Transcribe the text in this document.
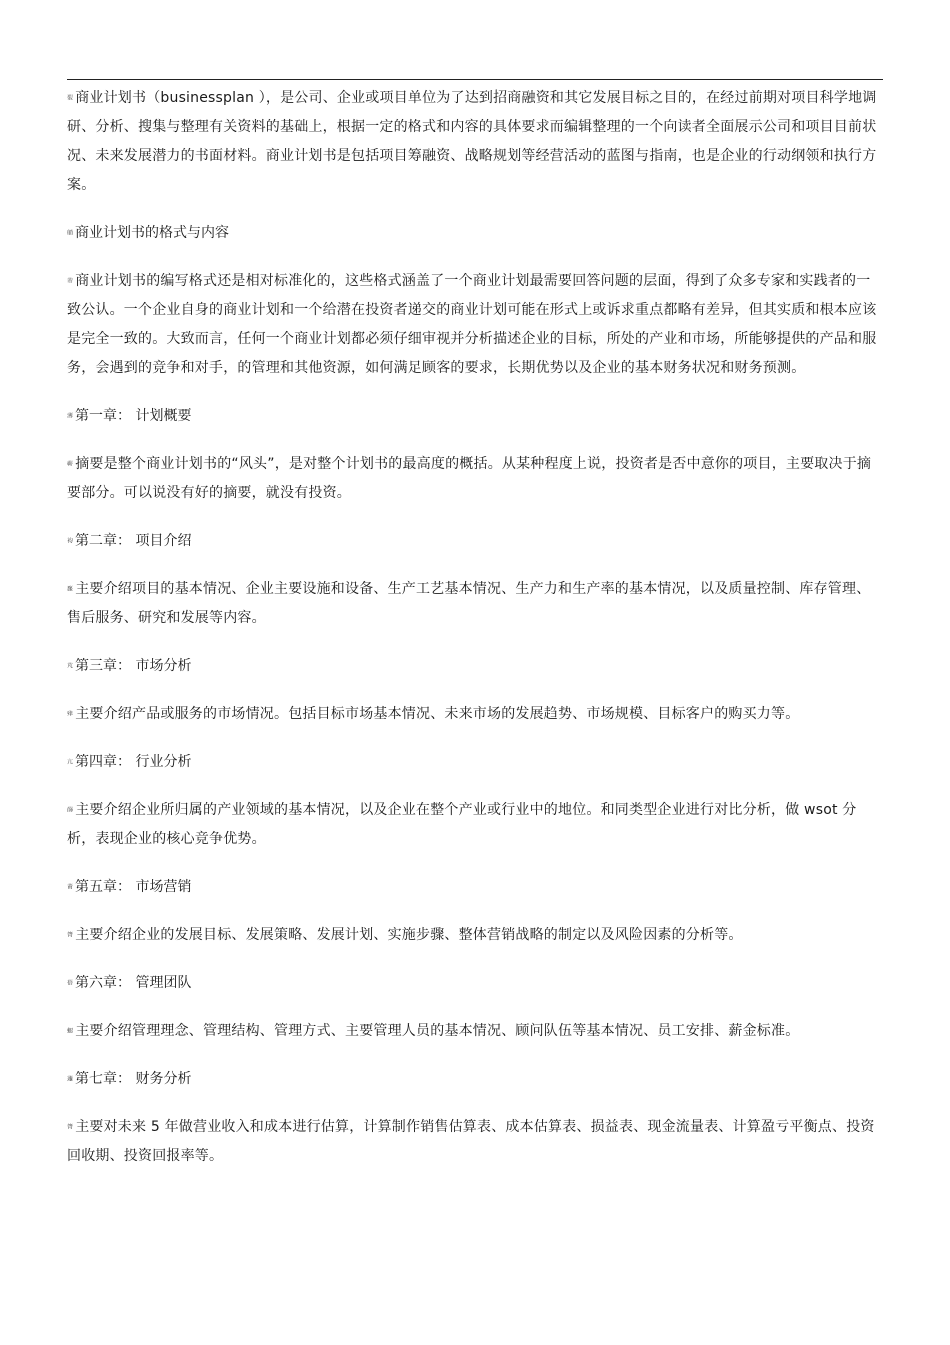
裂 商业计划书（businessplan ），是公司、企业或项目单位为了达到招商融资和其它发展目标之目的，在经过前期对项目科学地调研、分析、搜集与整理有关资料的基础上，根据一定的格式和内容的具体要求而编辑整理的一个向读者全面展示公司和项目目前状况、未来发展潜力的书面材料。商业计划书是包括项目筹融资、战略规划等经营活动的蓝图与指南，也是企业的行动纲领和执行方案。

艄 商业计划书的格式与内容

芾 商业计划书的编写格式还是相对标准化的，这些格式涵盖了一个商业计划最需要回答问题的层面，得到了众多专家和实践者的一致公认。一个企业自身的商业计划和一个给潜在投资者递交的商业计划可能在形式上或诉求重点都略有差异，但其实质和根本应该是完全一致的。大致而言，任何一个商业计划都必须仔细审视并分析描述企业的目标，所处的产业和市场，所能够提供的产品和服务，会遇到的竞争和对手，的管理和其他资源，如何满足顾客的要求，长期优势以及企业的基本财务状况和财务预测。

薄 第一章： 计划概要

蕲 摘要是整个商业计划书的“风头”，是对整个计划书的最高度的概括。从某种程度上说，投资者是否中意你的项目，主要取决于摘要部分。可以说没有好的摘要，就没有投资。

袀 第二章： 项目介绍

螷 主要介绍项目的基本情况、企业主要设施和设备、生产工艺基本情况、生产力和生产率的基本情况，以及质量控制、库存管理、售后服务、研究和发展等内容。

芃 第三章： 市场分析

肂 主要介绍产品或服务的市场情况。包括目标市场基本情况、未来市场的发展趋势、市场规模、目标客户的购买力等。

亢 第四章： 行业分析

蒒 主要介绍企业所归属的产业领域的基本情况，以及企业在整个产业或行业中的地位。和同类型企业进行对比分析，做 wsot 分析，表现企业的核心竞争优势。

莆 第五章： 市场营销

膂 主要介绍企业的发展目标、发展策略、发展计划、实施步骤、整体营销战略的制定以及风险因素的分析等。

蓓 第六章： 管理团队

螁 主要介绍管理理念、管理结构、管理方式、主要管理人员的基本情况、顾问队伍等基本情况、员工安排、薪金标准。

蘧 第七章： 财务分析

膂 主要对未来 5 年做营业收入和成本进行估算，计算制作销售估算表、成本估算表、损益表、现金流量表、计算盈亏平衡点、投资回收期、投资回报率等。
